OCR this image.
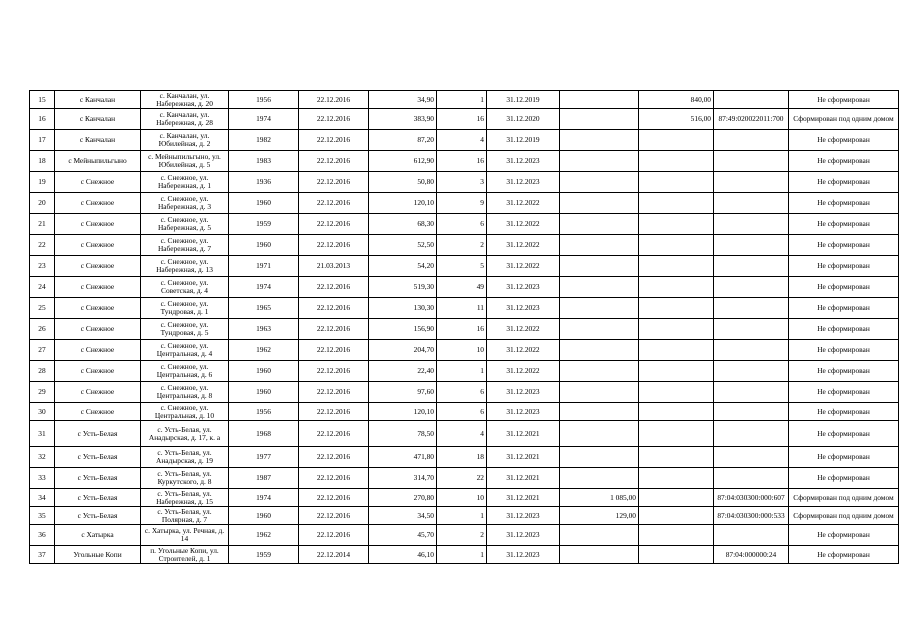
15	с Канчалан	с. Канчалан, ул. Набережная, д. 20	1956	22.12.2016	34,90	1	31.12.2019		840,00		Не сформирован
16	с Канчалан	с. Канчалан, ул. Набережная, д. 28	1974	22.12.2016	383,90	16	31.12.2020		516,00	87:49:020022011:700	Сформирован под одним домом
17	с Канчалан	с. Канчалан, ул. Юбилейная, д. 2	1982	22.12.2016	87,20	4	31.12.2019				Не сформирован
18	с Мейныпильгыно	с. Мейныпильгыно, ул. Юбилейная, д. 5	1983	22.12.2016	612,90	16	31.12.2023				Не сформирован
19	с Снежное	с. Снежное, ул. Набережная, д. 1	1936	22.12.2016	50,80	3	31.12.2023				Не сформирован
20	с Снежное	с. Снежное, ул. Набережная, д. 3	1960	22.12.2016	120,10	9	31.12.2022				Не сформирован
21	с Снежное	с. Снежное, ул. Набережная, д. 5	1959	22.12.2016	68,30	6	31.12.2022				Не сформирован
22	с Снежное	с. Снежное, ул. Набережная, д. 7	1960	22.12.2016	52,50	2	31.12.2022				Не сформирован
23	с Снежное	с. Снежное, ул. Набережная, д. 13	1971	21.03.2013	54,20	5	31.12.2022				Не сформирован
24	с Снежное	с. Снежное, ул. Советская, д. 4	1974	22.12.2016	519,30	49	31.12.2023				Не сформирован
25	с Снежное	с. Снежное, ул. Тундровая, д. 1	1965	22.12.2016	130,30	11	31.12.2023				Не сформирован
26	с Снежное	с. Снежное, ул. Тундровая, д. 5	1963	22.12.2016	156,90	16	31.12.2022				Не сформирован
27	с Снежное	с. Снежное, ул. Центральная, д. 4	1962	22.12.2016	204,70	10	31.12.2022				Не сформирован
28	с Снежное	с. Снежное, ул. Центральная, д. 6	1960	22.12.2016	22,40	1	31.12.2022				Не сформирован
29	с Снежное	с. Снежное, ул. Центральная, д. 8	1960	22.12.2016	97,60	6	31.12.2023				Не сформирован
30	с Снежное	с. Снежное, ул. Центральная, д. 10	1956	22.12.2016	120,10	6	31.12.2023				Не сформирован
31	с Усть-Белая	с. Усть-Белая, ул. Анадырская, д. 17, к. а	1968	22.12.2016	78,50	4	31.12.2021				Не сформирован
32	с Усть-Белая	с. Усть-Белая, ул. Анадырская, д. 19	1977	22.12.2016	471,80	18	31.12.2021				Не сформирован
33	с Усть-Белая	с. Усть-Белая, ул. Куркутского, д. 8	1987	22.12.2016	314,70	22	31.12.2021				Не сформирован
34	с Усть-Белая	с. Усть-Белая, ул. Набережная, д. 15	1974	22.12.2016	270,80	10	31.12.2021	1 085,00		87:04:030300:000:607	Сформирован под одним домом
35	с Усть-Белая	с. Усть-Белая, ул. Полярная, д. 7	1960	22.12.2016	34,50	1	31.12.2023	129,00		87:04:030300:000:533	Сформирован под одним домом
36	с Хатырка	с. Хатырка, ул. Речная, д. 14	1962	22.12.2016	45,70	2	31.12.2023				Не сформирован
37	Угольные Копи	п. Угольные Копи, ул. Строителей, д. 1	1959	22.12.2014	46,10	1	31.12.2023			87:04:000000:24	Не сформирован
